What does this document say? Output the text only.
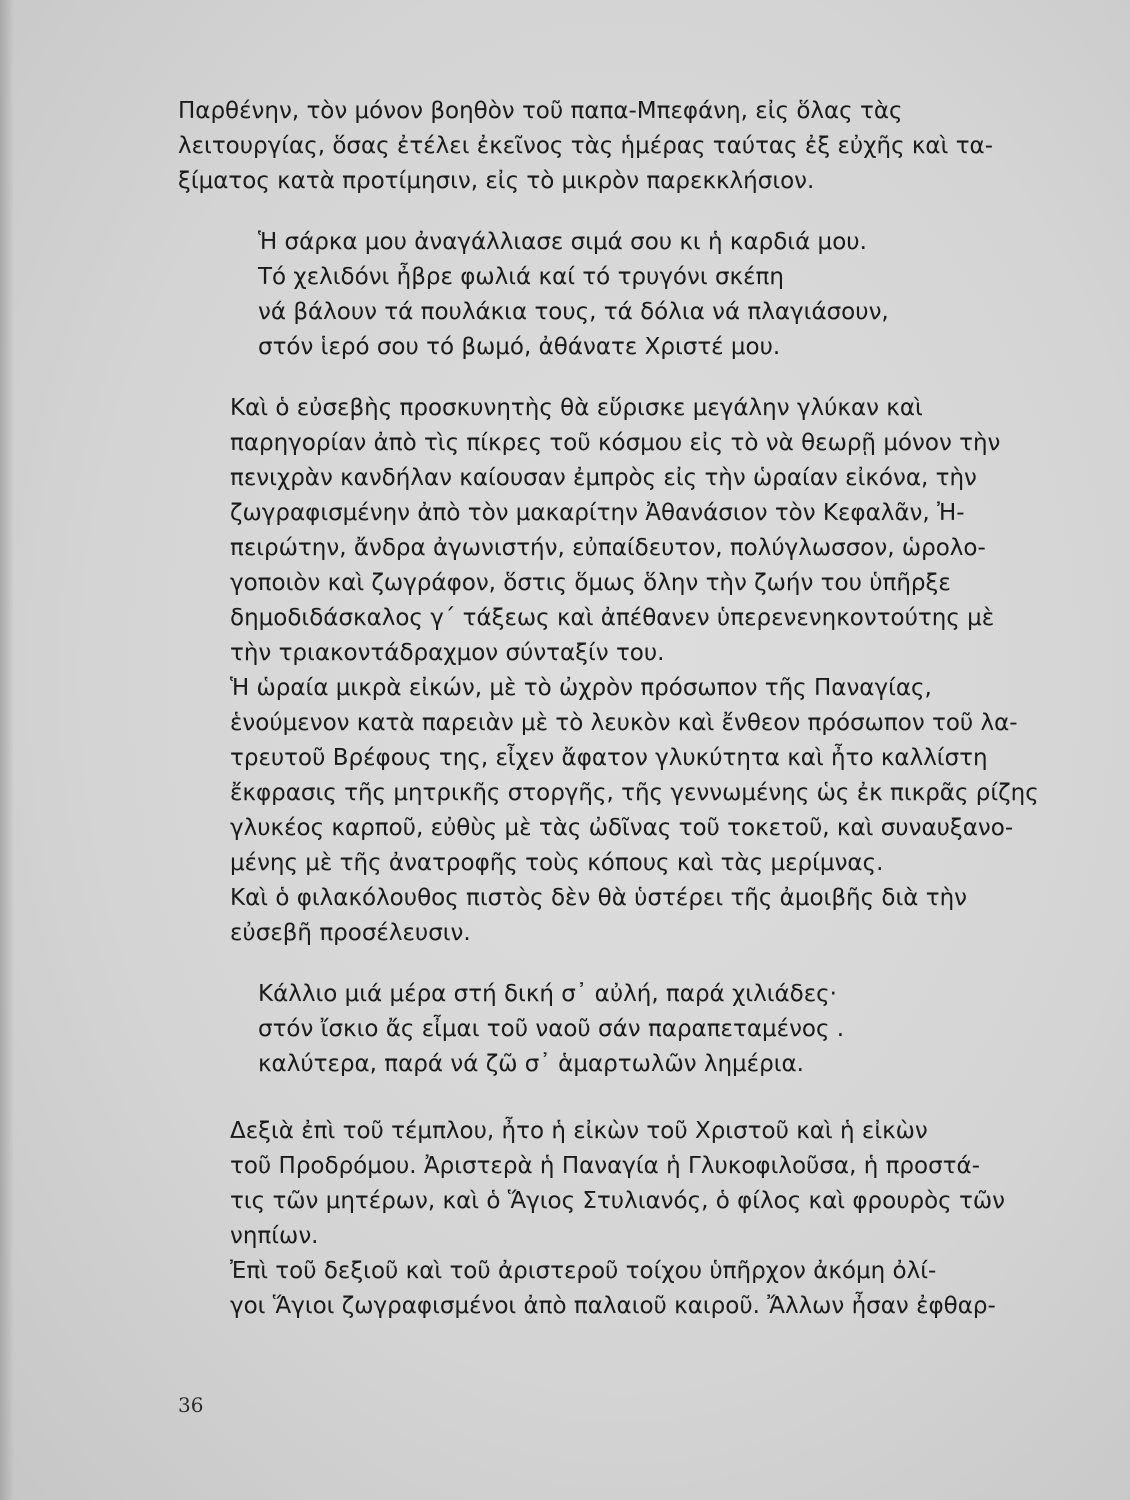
Παρθένην, τὸν μόνον βοηθὸν τοῦ παπα-Μπεφάνη, εἰς ὅλας τὰς
λειτουργίας, ὅσας ἐτέλει ἐκεῖνος τὰς ἡμέρας ταύτας ἐξ εὐχῆς καὶ τα-
ξίματος κατὰ προτίμησιν, εἰς τὸ μικρὸν παρεκκλήσιον.

Ἡ σάρκα μου ἀναγάλλιασε σιμά σου κι ἡ καρδιά μου.
Τό χελιδόνι ἦβρε φωλιά καί τό τρυγόνι σκέπη
νά βάλουν τά πουλάκια τους, τά δόλια νά πλαγιάσουν,
στόν ἱερό σου τό βωμό, ἀθάνατε Χριστέ μου.

Καὶ ὁ εὐσεβὴς προσκυνητὴς θὰ εὕρισκε μεγάλην γλύκαν καὶ
παρηγορίαν ἀπὸ τὶς πίκρες τοῦ κόσμου εἰς τὸ νὰ θεωρῇ μόνον τὴν
πενιχρὰν κανδήλαν καίουσαν ἐμπρὸς εἰς τὴν ὡραίαν εἰκόνα, τὴν
ζωγραφισμένην ἀπὸ τὸν μακαρίτην Ἀθανάσιον τὸν Κεφαλᾶν, Ἠ-
πειρώτην, ἄνδρα ἀγωνιστήν, εὐπαίδευτον, πολύγλωσσον, ὡρολο-
γοποιὸν καὶ ζωγράφον, ὅστις ὅμως ὅλην τὴν ζωήν του ὑπῆρξε
δημοδιδάσκαλος γ΄ τάξεως καὶ ἀπέθανεν ὑπερενενηκοντούτης μὲ
τὴν τριακοντάδραχμον σύνταξίν του.

Ἡ ὡραία μικρὰ εἰκών, μὲ τὸ ὠχρὸν πρόσωπον τῆς Παναγίας,
ἑνούμενον κατὰ παρειὰν μὲ τὸ λευκὸν καὶ ἔνθεον πρόσωπον τοῦ λα-
τρευτοῦ Βρέφους της, εἶχεν ἄφατον γλυκύτητα καὶ ἦτο καλλίστη
ἔκφρασις τῆς μητρικῆς στοργῆς, τῆς γεννωμένης ὡς ἐκ πικρᾶς ρίζης
γλυκέος καρποῦ, εὐθὺς μὲ τὰς ὠδῖνας τοῦ τοκετοῦ, καὶ συναυξανο-
μένης μὲ τῆς ἀνατροφῆς τοὺς κόπους καὶ τὰς μερίμνας.

Καὶ ὁ φιλακόλουθος πιστὸς δὲν θὰ ὑστέρει τῆς ἀμοιβῆς διὰ τὴν
εὐσεβῆ προσέλευσιν.

Κάλλιο μιά μέρα στή δική σ᾽ αὐλή, παρά χιλιάδες·
στόν ἴσκιο ἄς εἶμαι τοῦ ναοῦ σάν παραπεταμένος .
καλύτερα, παρά νά ζῶ σ᾽ ἁμαρτωλῶν λημέρια.

Δεξιὰ ἐπὶ τοῦ τέμπλου, ἦτο ἡ εἰκὼν τοῦ Χριστοῦ καὶ ἡ εἰκὼν
τοῦ Προδρόμου. Ἀριστερὰ ἡ Παναγία ἡ Γλυκοφιλοῦσα, ἡ προστά-
τις τῶν μητέρων, καὶ ὁ Ἅγιος Στυλιανός, ὁ φίλος καὶ φρουρὸς τῶν
νηπίων.

Ἐπὶ τοῦ δεξιοῦ καὶ τοῦ ἀριστεροῦ τοίχου ὑπῆρχον ἀκόμη ὀλί-
γοι Ἅγιοι ζωγραφισμένοι ἀπὸ παλαιοῦ καιροῦ. Ἄλλων ἦσαν ἐφθαρ-

36
